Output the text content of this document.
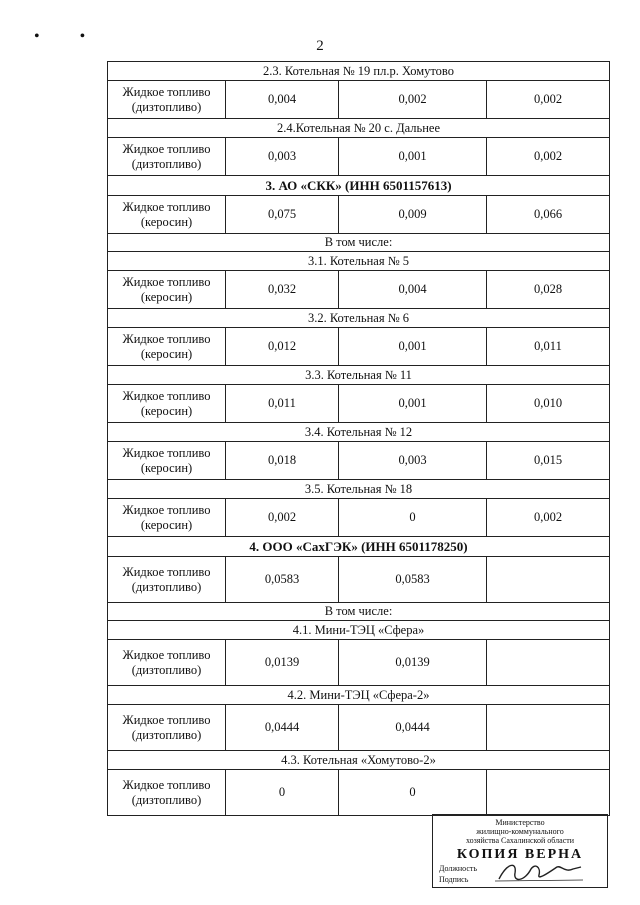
• •
2
2.3. Котельная № 19 пл.р. Хомутово			
Жидкое топливо
(дизтопливо)	0,004	0,002	0,002
2.4.Котельная № 20 с. Дальнее			
Жидкое топливо
(дизтопливо)	0,003	0,001	0,002
3. АО «СКК» (ИНН 6501157613)			
Жидкое топливо
(керосин)	0,075	0,009	0,066
В том числе:			
3.1. Котельная № 5			
Жидкое топливо
(керосин)	0,032	0,004	0,028
3.2. Котельная № 6			
Жидкое топливо
(керосин)	0,012	0,001	0,011
3.3. Котельная № 11			
Жидкое топливо
(керосин)	0,011	0,001	0,010
3.4. Котельная № 12			
Жидкое топливо
(керосин)	0,018	0,003	0,015
3.5. Котельная № 18			
Жидкое топливо
(керосин)	0,002	0	0,002
4. ООО «СахГЭК» (ИНН 6501178250)			
Жидкое топливо
(дизтопливо)	0,0583	0,0583	
В том числе:			
4.1. Мини-ТЭЦ «Сфера»			
Жидкое топливо
(дизтопливо)	0,0139	0,0139	
4.2. Мини-ТЭЦ «Сфера-2»			
Жидкое топливо
(дизтопливо)	0,0444	0,0444	
4.3. Котельная «Хомутово-2»			
Жидкое топливо
(дизтопливо)	0	0	
Министерство
жилищно-коммунального
хозяйства Сахалинской области
КОПИЯ ВЕРНА
Должность
Подпись
